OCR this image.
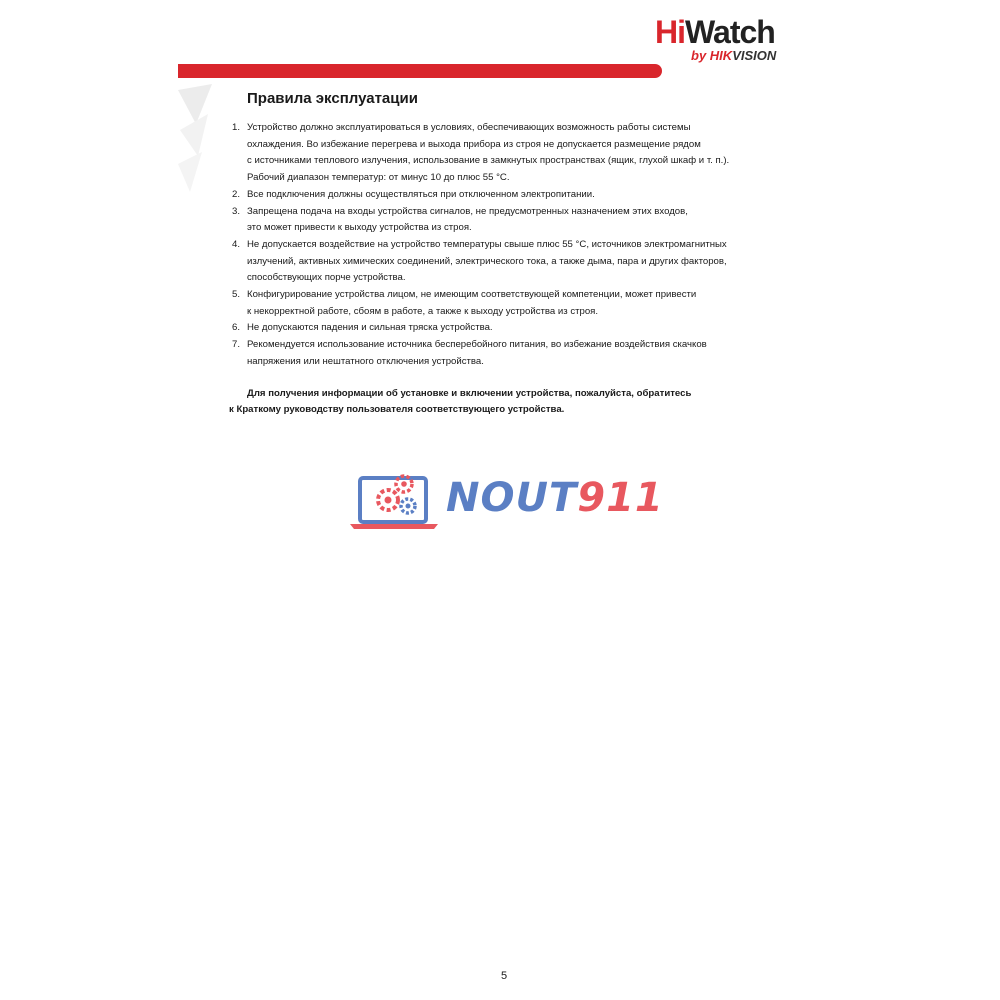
HiWatch
by HIKVISION
Правила эксплуатации
1. Устройство должно эксплуатироваться в условиях, обеспечивающих возможность работы системы
охлаждения. Во избежание перегрева и выхода прибора из строя не допускается размещение рядом
с источниками теплового излучения, использование в замкнутых пространствах (ящик, глухой шкаф и т. п.).
Рабочий диапазон температур: от минус 10 до плюс 55 °С.
2. Все подключения должны осуществляться при отключенном электропитании.
3. Запрещена подача на входы устройства сигналов, не предусмотренных назначением этих входов,
это может привести к выходу устройства из строя.
4. Не допускается воздействие на устройство температуры свыше плюс 55 °С, источников электромагнитных
излучений, активных химических соединений, электрического тока, а также дыма, пара и других факторов,
способствующих порче устройства.
5. Конфигурирование устройства лицом, не имеющим соответствующей компетенции, может привести
к некорректной работе, сбоям в работе, а также к выходу устройства из строя.
6. Не допускаются падения и сильная тряска устройства.
7. Рекомендуется использование источника бесперебойного питания, во избежание воздействия скачков
напряжения или нештатного отключения устройства.
Для получения информации об установке и включении устройства, пожалуйста, обратитесь
к Краткому руководству пользователя соответствующего устройства.
NOUT911
5
